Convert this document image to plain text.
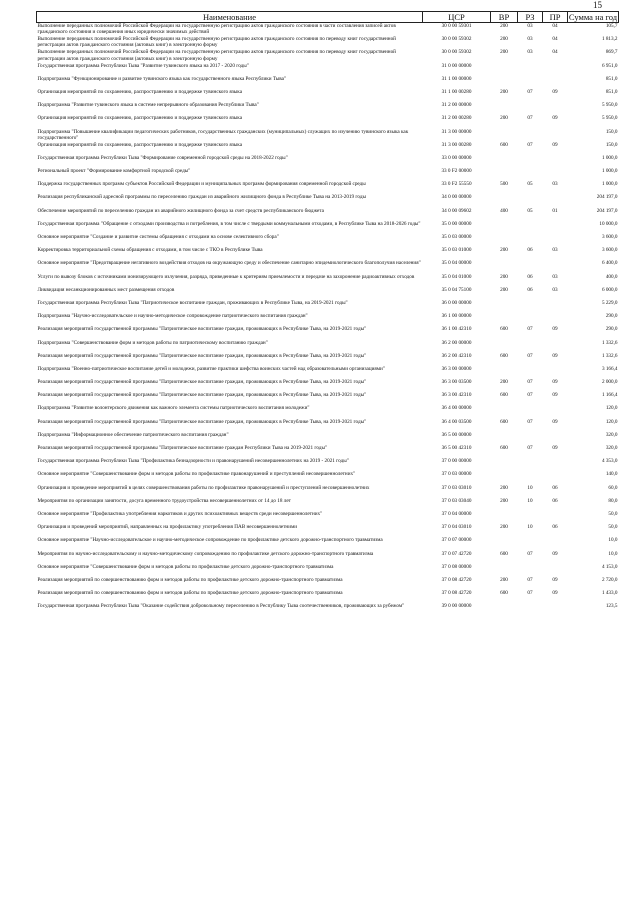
15
Наименование	ЦСР	ВР	РЗ	ПР	Сумма на год
Выполнение переданных полномочий Российской Федерации на государственную регистрацию актов гражданского состояния в части составления записей актов гражданского состояния и совершения иных юридически значимых действий	30 0 00 59301	200	03	04	105,7
Выполнение переданных полномочий Российской Федерации на государственную регистрацию актов гражданского состояния по переводу книг государственной регистрации актов гражданского состояния (актовых книг) в электронную форму	30 0 00 59302	200	03	04	1 813,2
Выполнение переданных полномочий Российской Федерации на государственную регистрацию актов гражданского состояния по переводу книг государственной регистрации актов гражданского состояния (актовых книг) в электронную форму	30 0 00 59302	200	03	04	869,7
Государственная программа Республики Тыва "Развитие тувинского языка на 2017 - 2020 годы"	31 0 00 00000				6 951,0
Подпрограмма "Функционирование и развитие тувинского языка как государственного языка Республики Тыва"	31 1 00 00000				851,0
Организация мероприятий по сохранению, распространению и поддержке тувинского языка	31 1 00 00280	200	07	09	851,0
Подпрограмма "Развитие тувинского языка в системе непрерывного образования Республики Тыва"	31 2 00 00000				5 950,0
Организация мероприятий по сохранению, распространению и поддержке тувинского языка	31 2 00 00280	200	07	09	5 950,0
Подпрограмма "Повышение квалификации педагогических работников, государственных гражданских (муниципальных) служащих по изучению тувинского языка как государственного"	31 3 00 00000				150,0
Организация мероприятий по сохранению, распространению и поддержке тувинского языка	31 3 00 00280	600	07	09	150,0
Государственная программа Республики Тыва "Формирование современной городской среды на 2018-2022 годы"	33 0 00 00000				1 000,0
Региональный проект "Формирование комфортной городской среды"	33 0 F2 00000				1 000,0
Поддержка государственных программ субъектов Российской Федерации и муниципальных программ формирования современной городской среды	33 0 F2 55550	500	05	03	1 000,0
Реализация республиканской адресной программы по переселению граждан из аварийного жилищного фонда в Республике Тыва на 2013-2019 годы	34 0 00 00000				204 197,0
Обеспечение мероприятий по переселению граждан из аварийного жилищного фонда за счет средств республиканского бюджета	34 0 00 09602	400	05	01	204 197,0
Государственная программа "Обращение с отходами производства и потребления, в том числе с твердыми коммунальными отходами, в Республике Тыва на 2018-2026 годы"	35 0 00 00000				10 000,0
Основное мероприятие "Создание и развитие системы обращения с отходами на основе селективного сбора"	35 0 03 00000				3 600,0
Корректировка территориальной схемы обращения с отходами, в том числе с ТКО в Республике Тыва	35 0 03 01000	200	06	03	3 600,0
Основное мероприятие "Предотвращение негативного воздействия отходов на окружающую среду и обеспечение санитарно эпидемиологического благополучия населения"	35 0 04 00000				6 400,0
Услуги по вывозу блоков с источниками ионизирующего излучения, разряда, приведенные к критериям приемлемости и передаче на захоронение радиоактивных отходов	35 0 04 01000	200	06	03	400,0
Ликвидация несанкционированных мест размещения отходов	35 0 04 75100	200	06	03	6 000,0
Государственная программа Республики Тыва "Патриотическое воспитание граждан, проживающих в Республике Тыва, на 2019-2021 годы"	36 0 00 00000				5 229,0
Подпрограмма "Научно-исследовательское и научно-методическое сопровождение патриотического воспитания граждан"	36 1 00 00000				290,0
Реализация мероприятий государственной программы "Патриотическое воспитание граждан, проживающих в Республике Тыва, на 2019-2021 годы"	36 1 00 42310	600	07	09	290,0
Подпрограмма "Совершенствование форм и методов работы по патриотическому воспитанию граждан"	36 2 00 00000				1 332,6
Реализация мероприятий государственной программы "Патриотическое воспитание граждан, проживающих в Республике Тыва, на 2019-2021 годы"	36 2 00 42310	600	07	09	1 332,6
Подпрограмма "Военно-патриотическое воспитание детей и молодежи, развитие практики шефства воинских частей над образовательными организациями"	36 3 00 00000				3 166,4
Реализация мероприятий государственной программы "Патриотическое воспитание граждан, проживающих в Республике Тыва, на 2019-2021 годы"	36 3 00 03500	200	07	09	2 000,0
Реализация мероприятий государственной программы "Патриотическое воспитание граждан, проживающих в Республике Тыва, на 2019-2021 годы"	36 3 00 42310	600	07	09	1 166,4
Подпрограмма "Развитие волонтерского движения как важного элемента системы патриотического воспитания молодежи"	36 4 00 00000				120,0
Реализация мероприятий государственной программы "Патриотическое воспитание граждан, проживающих в Республике Тыва, на 2019-2021 годы"	36 4 00 03500	600	07	09	120,0
Подпрограмма "Информационное обеспечение патриотического воспитания граждан"	36 5 00 00000				320,0
Реализация мероприятий государственной программы "Патриотическое воспитание граждан Республики Тыва на 2019-2021 годы"	36 5 00 42310	600	07	09	320,0
Государственная программа Республики Тыва "Профилактика безнадзорности и правонарушений несовершеннолетних на 2019 - 2021 годы"	37 0 00 00000				4 353,0
Основное мероприятие "Совершенствование форм и методов работы по профилактике правонарушений и преступлений несовершеннолетних"	37 0 03 00000				140,0
Организация и проведение мероприятий в целях совершенствования работы по профилактике правонарушений и преступлений несовершеннолетних	37 0 03 03010	200	10	06	60,0
Мероприятия по организации занятости, досуга временного трудоустройства несовершеннолетних от 14 до 18 лет	37 0 03 03040	200	10	06	80,0
Основное мероприятие "Профилактика употребления наркотиков и других психоактивных веществ среди несовершеннолетних"	37 0 04 00000				50,0
Организация и проведений мероприятий, направленных на профилактику употребления ПАВ несовершеннолетними	37 0 04 03010	200	10	06	50,0
Основное мероприятие "Научно-исследовательское и научно-методическое сопровождение по профилактике детского дорожно-транспортного травматизма	37 0 07 00000				10,0
Мероприятия по научно-исследовательскому и научно-методическому сопровождению по профилактике детского дорожно-транспортного травматизма	37 0 07 42720	600	07	09	10,0
Основное мероприятие "Совершенствование форм и методов работы по профилактике детского дорожно-транспортного травматизма	37 0 08 00000				4 153,0
Реализация мероприятий по совершенствованию форм и методов работы по профилактике детского дорожно-транспортного травматизма	37 0 08 42720	200	07	09	2 720,0
Реализация мероприятий по совершенствованию форм и методов работы по профилактике детского дорожно-транспортного травматизма	37 0 08 42720	600	07	09	1 433,0
Государственная программа Республики Тыва "Оказание содействия добровольному переселению в Республику Тыва соотечественников, проживающих за рубежом"	39 0 00 00000				123,5
